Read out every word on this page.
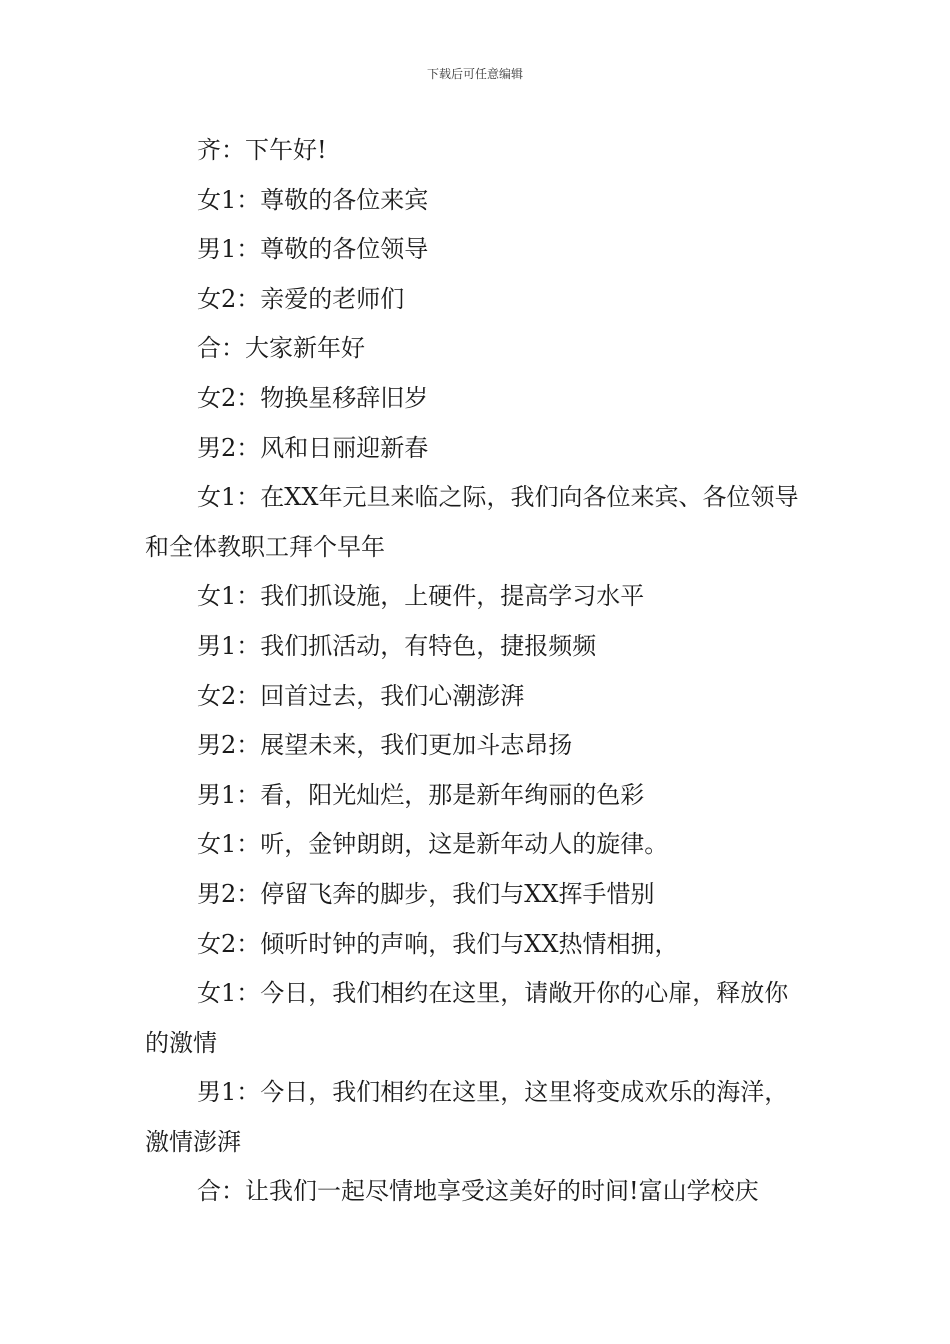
下载后可任意编辑

齐：下午好!

女1：尊敬的各位来宾

男1：尊敬的各位领导

女2：亲爱的老师们

合：大家新年好

女2：物换星移辞旧岁

男2：风和日丽迎新春

女1：在XX年元旦来临之际，我们向各位来宾、各位领导和全体教职工拜个早年

女1：我们抓设施，上硬件，提高学习水平

男1：我们抓活动，有特色，捷报频频

女2：回首过去，我们心潮澎湃

男2：展望未来，我们更加斗志昂扬

男1：看，阳光灿烂，那是新年绚丽的色彩

女1：听，金钟朗朗，这是新年动人的旋律。

男2：停留飞奔的脚步，我们与XX挥手惜别

女2：倾听时钟的声响，我们与XX热情相拥，

女1：今日，我们相约在这里，请敞开你的心扉，释放你的激情

男1：今日，我们相约在这里，这里将变成欢乐的海洋，激情澎湃

合：让我们一起尽情地享受这美好的时间!富山学校庆
